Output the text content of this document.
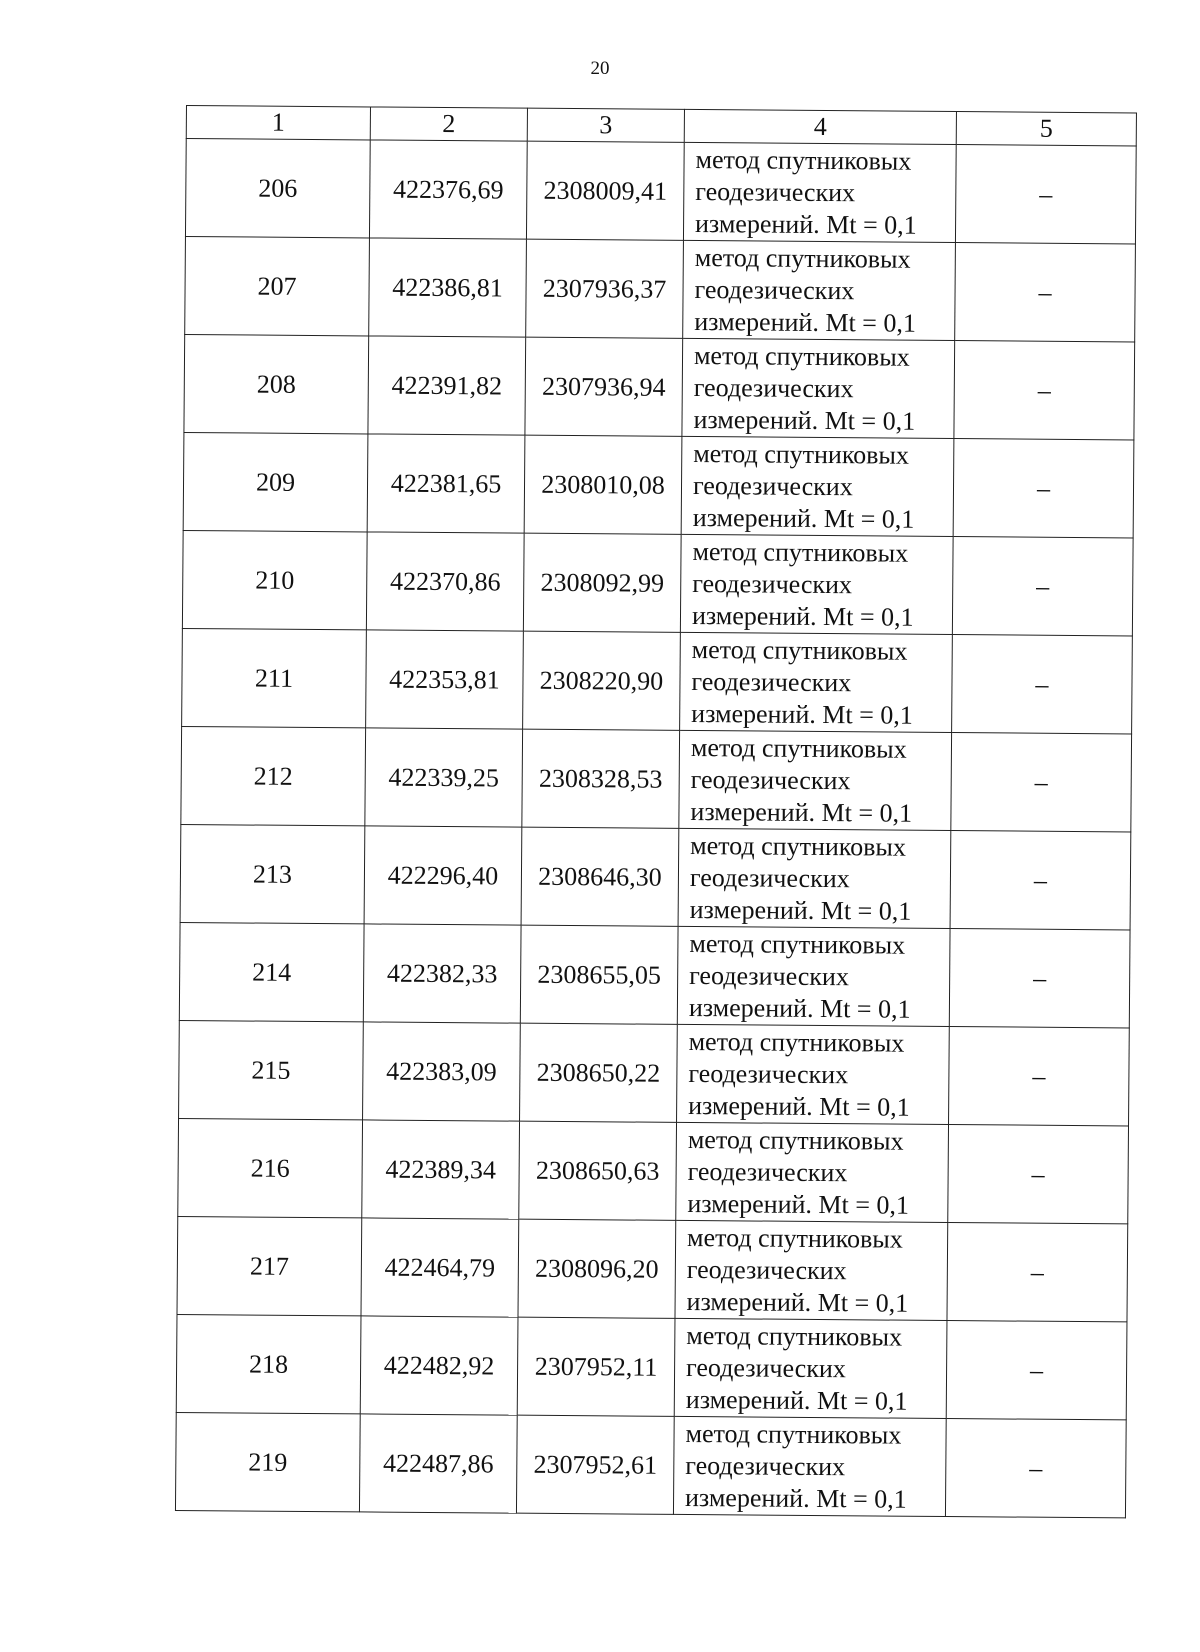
20
1	2	3	4	5
206	422376,69	2308009,41	метод спутниковых
геодезических
измерений. Mt = 0,1	–
207	422386,81	2307936,37	метод спутниковых
геодезических
измерений. Mt = 0,1	–
208	422391,82	2307936,94	метод спутниковых
геодезических
измерений. Mt = 0,1	–
209	422381,65	2308010,08	метод спутниковых
геодезических
измерений. Mt = 0,1	–
210	422370,86	2308092,99	метод спутниковых
геодезических
измерений. Mt = 0,1	–
211	422353,81	2308220,90	метод спутниковых
геодезических
измерений. Mt = 0,1	–
212	422339,25	2308328,53	метод спутниковых
геодезических
измерений. Mt = 0,1	–
213	422296,40	2308646,30	метод спутниковых
геодезических
измерений. Mt = 0,1	–
214	422382,33	2308655,05	метод спутниковых
геодезических
измерений. Mt = 0,1	–
215	422383,09	2308650,22	метод спутниковых
геодезических
измерений. Mt = 0,1	–
216	422389,34	2308650,63	метод спутниковых
геодезических
измерений. Mt = 0,1	–
217	422464,79	2308096,20	метод спутниковых
геодезических
измерений. Mt = 0,1	–
218	422482,92	2307952,11	метод спутниковых
геодезических
измерений. Mt = 0,1	–
219	422487,86	2307952,61	метод спутниковых
геодезических
измерений. Mt = 0,1	–
